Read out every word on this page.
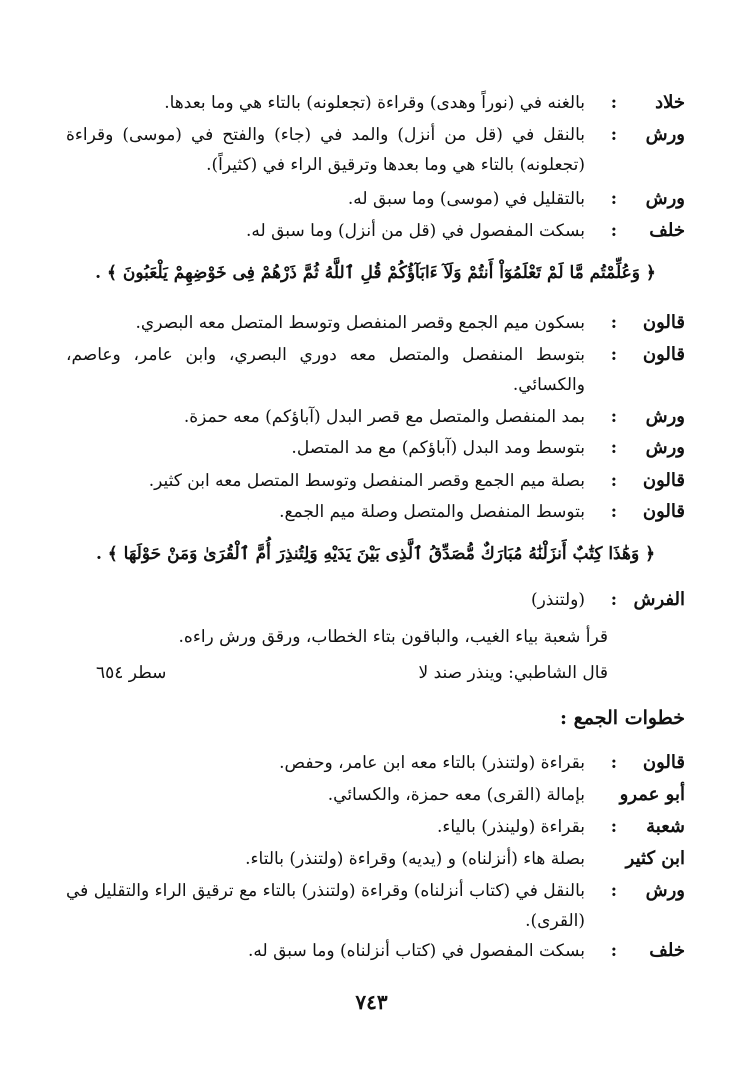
خلاد
:
بالغنه في (نوراً وهدى) وقراءة (تجعلونه) بالتاء هي وما بعدها.
ورش
:
بالنقل في (قل من أنزل) والمد في (جاء) والفتح في (موسى) وقراءة (تجعلونه) بالتاء هي وما بعدها وترقيق الراء في (كثيراً).
ورش
:
بالتقليل في (موسى) وما سبق له.
خلف
:
بسكت المفصول في (قل من أنزل) وما سبق له.
﴿ وَعُلِّمْتُم مَّا لَمْ تَعْلَمُوٓاْ أَنتُمْ وَلَآ ءَابَآؤُكُمْ قُلِ ٱللَّهُ ثُمَّ ذَرْهُمْ فِى خَوْضِهِمْ يَلْعَبُونَ ﴾ .
قالون
:
بسكون ميم الجمع وقصر المنفصل وتوسط المتصل معه البصري.
قالون
:
بتوسط المنفصل والمتصل معه دوري البصري، وابن عامر، وعاصم، والكسائي.
ورش
:
بمد المنفصل والمتصل مع قصر البدل (آباؤكم) معه حمزة.
ورش
:
بتوسط ومد البدل (آباؤكم) مع مد المتصل.
قالون
:
بصلة ميم الجمع وقصر المنفصل وتوسط المتصل معه ابن كثير.
قالون
:
بتوسط المنفصل والمتصل وصلة ميم الجمع.
﴿ وَهَٰذَا كِتَٰبٌ أَنزَلْنَٰهُ مُبَارَكٌ مُّصَدِّقُ ٱلَّذِى بَيْنَ يَدَيْهِ وَلِتُنذِرَ أُمَّ ٱلْقُرَىٰ وَمَنْ حَوْلَهَا ﴾ .
الفرش
:
(ولتنذر)
قرأ شعبة بياء الغيب، والباقون بتاء الخطاب، ورقق ورش راءه.
قال الشاطبي: وينذر صند لا
سطر ٦٥٤
خطوات الجمع :
قالون
:
بقراءة (ولتنذر) بالتاء معه ابن عامر، وحفص.
أبو عمرو
بإمالة (القرى) معه حمزة، والكسائي.
شعبة
:
بقراءة (ولينذر) بالياء.
ابن كثير
بصلة هاء (أنزلناه) و (يديه) وقراءة (ولتنذر) بالتاء.
ورش
:
بالنقل في (كتاب أنزلناه) وقراءة (ولتنذر) بالتاء مع ترقيق الراء والتقليل في (القرى).
خلف
:
بسكت المفصول في (كتاب أنزلناه) وما سبق له.
٧٤٣
